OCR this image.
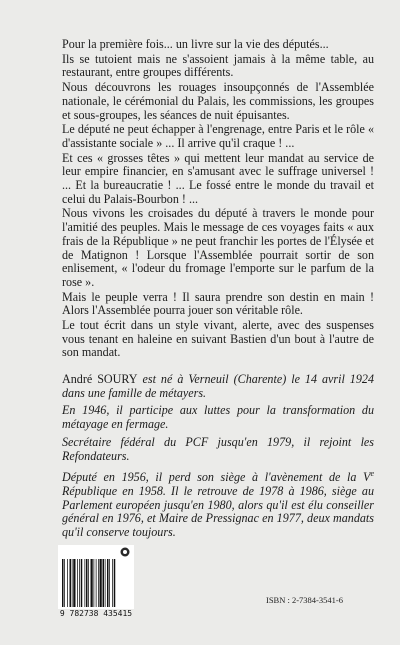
Pour la première fois... un livre sur la vie des députés...

Ils se tutoient mais ne s'assoient jamais à la même table, au restaurant, entre groupes différents.

Nous découvrons les rouages insoupçonnés de l'Assemblée nationale, le cérémonial du Palais, les commissions, les groupes et sous-groupes, les séances de nuit épuisantes.

Le député ne peut échapper à l'engrenage, entre Paris et le rôle « d'assistante sociale » ... Il arrive qu'il craque ! ...

Et ces « grosses têtes » qui mettent leur mandat au service de leur empire financier, en s'amusant avec le suffrage universel ! ... Et la bureaucratie ! ... Le fossé entre le monde du travail et celui du Palais-Bourbon ! ...

Nous vivons les croisades du député à travers le monde pour l'amitié des peuples. Mais le message de ces voyages faits « aux frais de la République » ne peut franchir les portes de l'Élysée et de Matignon ! Lorsque l'Assemblée pourrait sortir de son enlisement, « l'odeur du fromage l'emporte sur le parfum de la rose ».

Mais le peuple verra ! Il saura prendre son destin en main ! Alors l'Assemblée pourra jouer son véritable rôle.

Le tout écrit dans un style vivant, alerte, avec des suspenses vous tenant en haleine en suivant Bastien d'un bout à l'autre de son mandat.

André SOURY est né à Verneuil (Charente) le 14 avril 1924 dans une famille de métayers.

En 1946, il participe aux luttes pour la transformation du métayage en fermage.

Secrétaire fédéral du PCF jusqu'en 1979, il rejoint les Refondateurs.

Député en 1956, il perd son siège à l'avènement de la Ve République en 1958. Il le retrouve de 1978 à 1986, siège au Parlement européen jusqu'en 1980, alors qu'il est élu conseiller général en 1976, et Maire de Pressignac en 1977, deux mandats qu'il conserve toujours.

9 782738 435415
ISBN : 2-7384-3541-6
